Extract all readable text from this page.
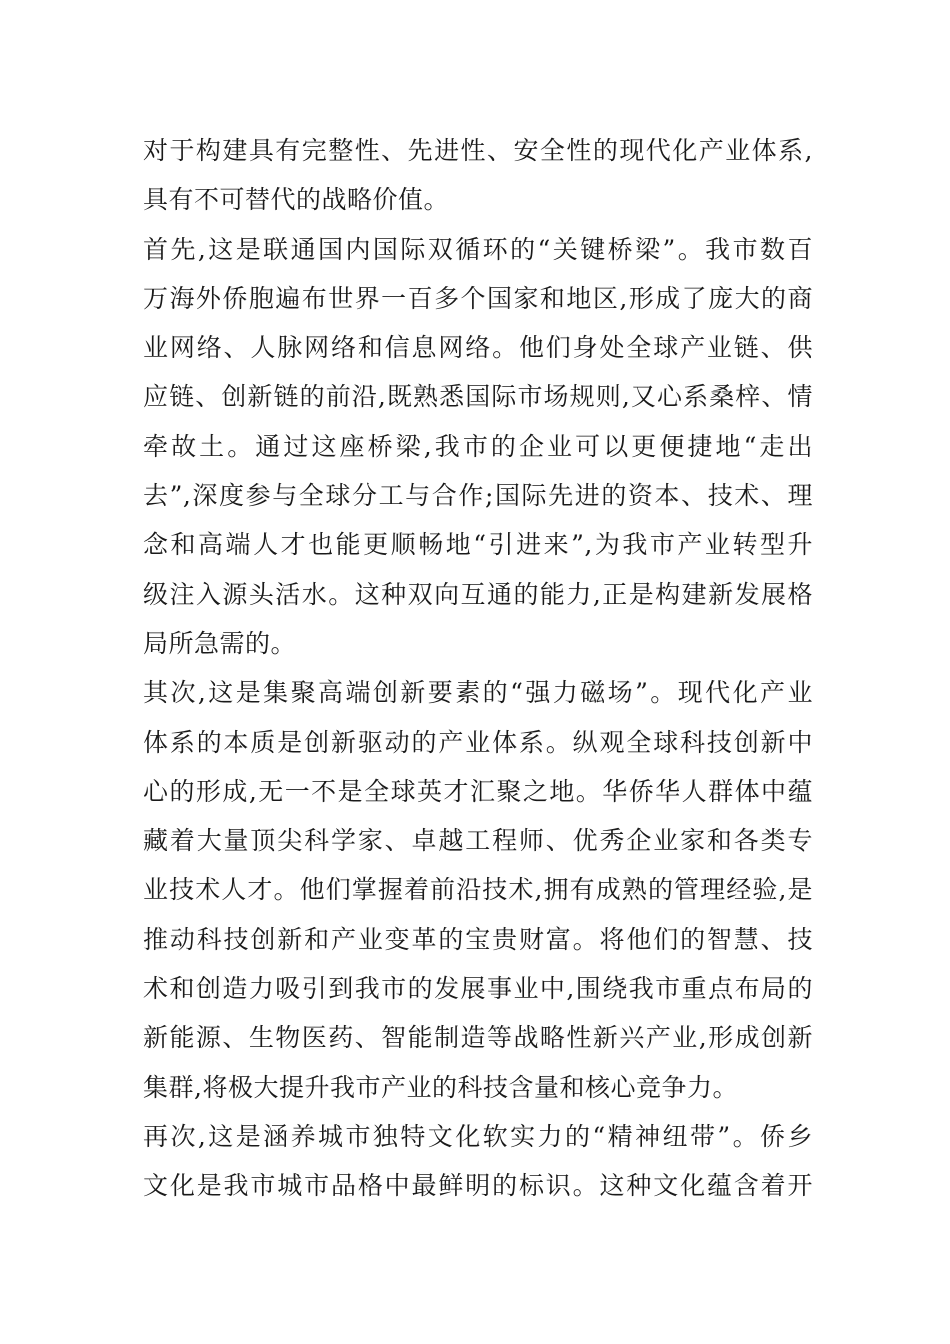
对于构建具有完整性、先进性、安全性的现代化产业体系,
具有不可替代的战略价值。
首先,这是联通国内国际双循环的“关键桥梁”。我市数百
万海外侨胞遍布世界一百多个国家和地区,形成了庞大的商
业网络、人脉网络和信息网络。他们身处全球产业链、供
应链、创新链的前沿,既熟悉国际市场规则,又心系桑梓、情
牵故土。通过这座桥梁,我市的企业可以更便捷地“走出
去”,深度参与全球分工与合作;国际先进的资本、技术、理
念和高端人才也能更顺畅地“引进来”,为我市产业转型升
级注入源头活水。这种双向互通的能力,正是构建新发展格
局所急需的。
其次,这是集聚高端创新要素的“强力磁场”。现代化产业
体系的本质是创新驱动的产业体系。纵观全球科技创新中
心的形成,无一不是全球英才汇聚之地。华侨华人群体中蕴
藏着大量顶尖科学家、卓越工程师、优秀企业家和各类专
业技术人才。他们掌握着前沿技术,拥有成熟的管理经验,是
推动科技创新和产业变革的宝贵财富。将他们的智慧、技
术和创造力吸引到我市的发展事业中,围绕我市重点布局的
新能源、生物医药、智能制造等战略性新兴产业,形成创新
集群,将极大提升我市产业的科技含量和核心竞争力。
再次,这是涵养城市独特文化软实力的“精神纽带”。侨乡
文化是我市城市品格中最鲜明的标识。这种文化蕴含着开
